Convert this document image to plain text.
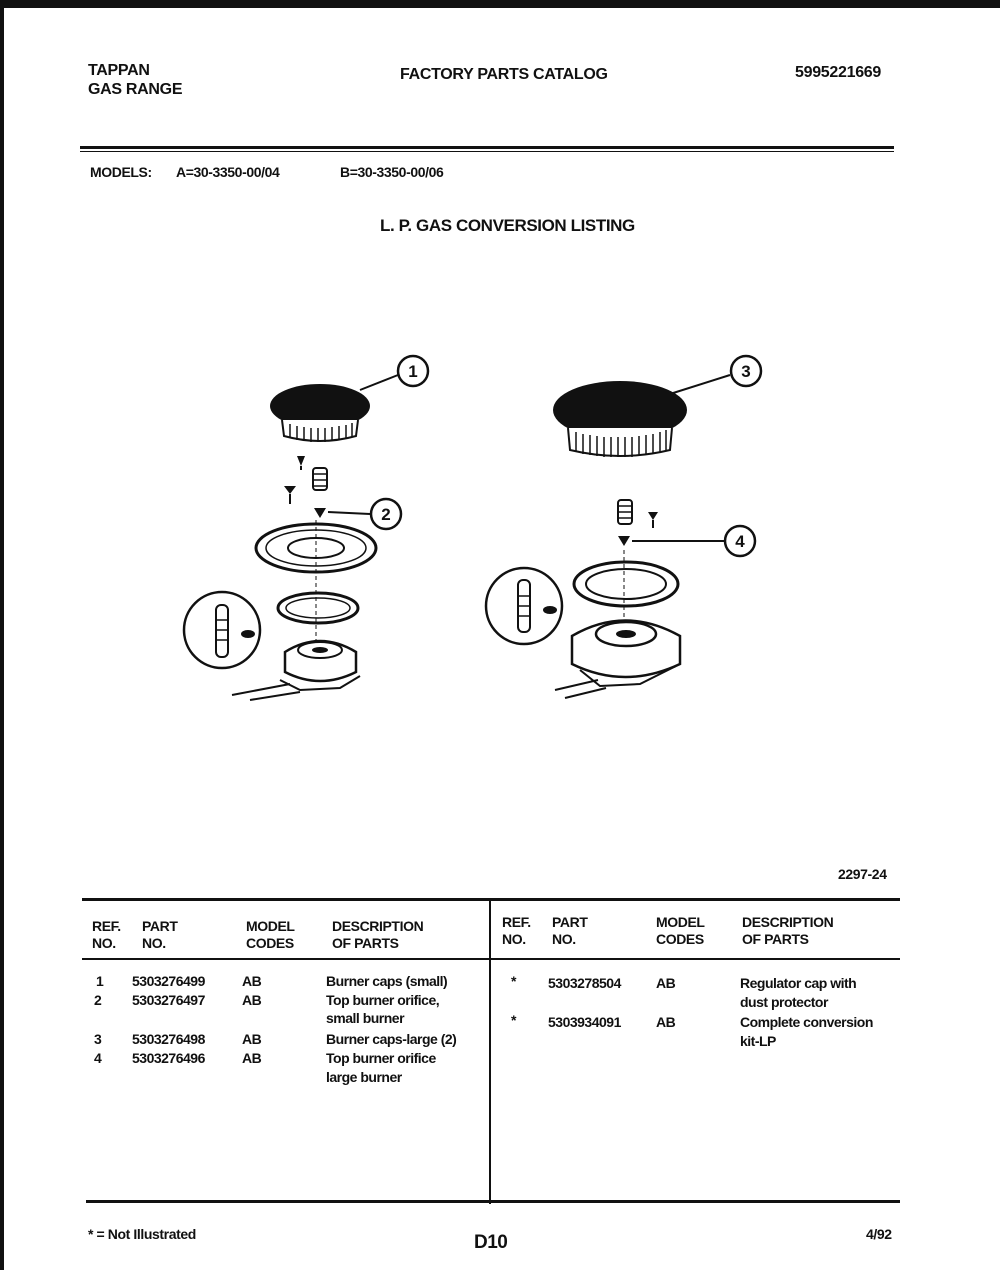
TAPPAN
GAS RANGE
FACTORY PARTS CATALOG	5995221669
MODELS: A=30-3350-00/04	B=30-3350-00/06
L. P. GAS CONVERSION LISTING
1
2
3
4
2297-24
REF.
NO.
PART
NO.
MODEL
CODES
DESCRIPTION
OF PARTS
REF.
NO.
PART
NO.
MODEL
CODES
DESCRIPTION
OF PARTS
1 5303276499	AB	Burner caps (small)
2 5303276497	AB	Top burner orifice,
small burner
3 5303276498	AB	Burner caps-large (2)
4 5303276496	AB	Top burner orifice
large burner
* 5303278504	AB	Regulator cap with
dust protector
* 5303934091	AB	Complete conversion
kit-LP
* = Not Illustrated	D10	4/92
